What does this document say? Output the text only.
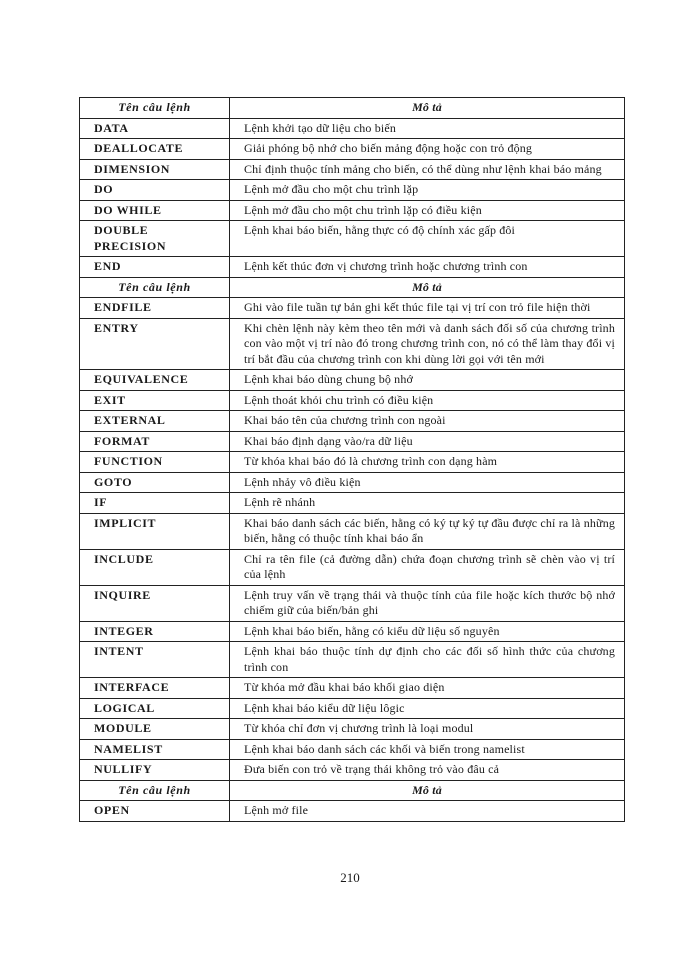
Tên câu lệnh	Mô tả
DATA	Lệnh khởi tạo dữ liệu cho biến
DEALLOCATE	Giải phóng bộ nhớ cho biến mảng động hoặc con trỏ động
DIMENSION	Chỉ định thuộc tính mảng cho biến, có thể dùng như lệnh khai báo mảng
DO	Lệnh mở đầu cho một chu trình lặp
DO WHILE	Lệnh mở đầu cho một chu trình lặp có điều kiện
DOUBLE PRECISION	Lệnh khai báo biến, hằng thực có độ chính xác gấp đôi
END	Lệnh kết thúc đơn vị chương trình hoặc chương trình con
Tên câu lệnh	Mô tả
ENDFILE	Ghi vào file tuần tự bản ghi kết thúc file tại vị trí con trỏ file hiện thời
ENTRY	Khi chèn lệnh này kèm theo tên mới và danh sách đối số của chương trình con vào một vị trí nào đó trong chương trình con, nó có thể làm thay đổi vị trí bắt đầu của chương trình con khi dùng lời gọi với tên mới
EQUIVALENCE	Lệnh khai báo dùng chung bộ nhớ
EXIT	Lệnh thoát khỏi chu trình có điều kiện
EXTERNAL	Khai báo tên của chương trình con ngoài
FORMAT	Khai báo định dạng vào/ra dữ liệu
FUNCTION	Từ khóa khai báo đó là chương trình con dạng hàm
GOTO	Lệnh nhảy vô điều kiện
IF	Lệnh rẽ nhánh
IMPLICIT	Khai báo danh sách các biến, hằng có ký tự ký tự đầu được chỉ ra là những biến, hằng có thuộc tính khai báo ẩn
INCLUDE	Chỉ ra tên file (cả đường dẫn) chứa đoạn chương trình sẽ chèn vào vị trí của lệnh
INQUIRE	Lệnh truy vấn về trạng thái và thuộc tính của file hoặc kích thước bộ nhớ chiếm giữ của biến/bản ghi
INTEGER	Lệnh khai báo biến, hằng có kiểu dữ liệu số nguyên
INTENT	Lệnh khai báo thuộc tính dự định cho các đối số hình thức của chương trình con
INTERFACE	Từ khóa mở đầu khai báo khối giao diện
LOGICAL	Lệnh khai báo kiểu dữ liệu lôgic
MODULE	Từ khóa chỉ đơn vị chương trình là loại modul
NAMELIST	Lệnh khai báo danh sách các khối và biến trong namelist
NULLIFY	Đưa biến con trỏ về trạng thái không trỏ vào đâu cả
Tên câu lệnh	Mô tả
OPEN	Lệnh mở file
210
